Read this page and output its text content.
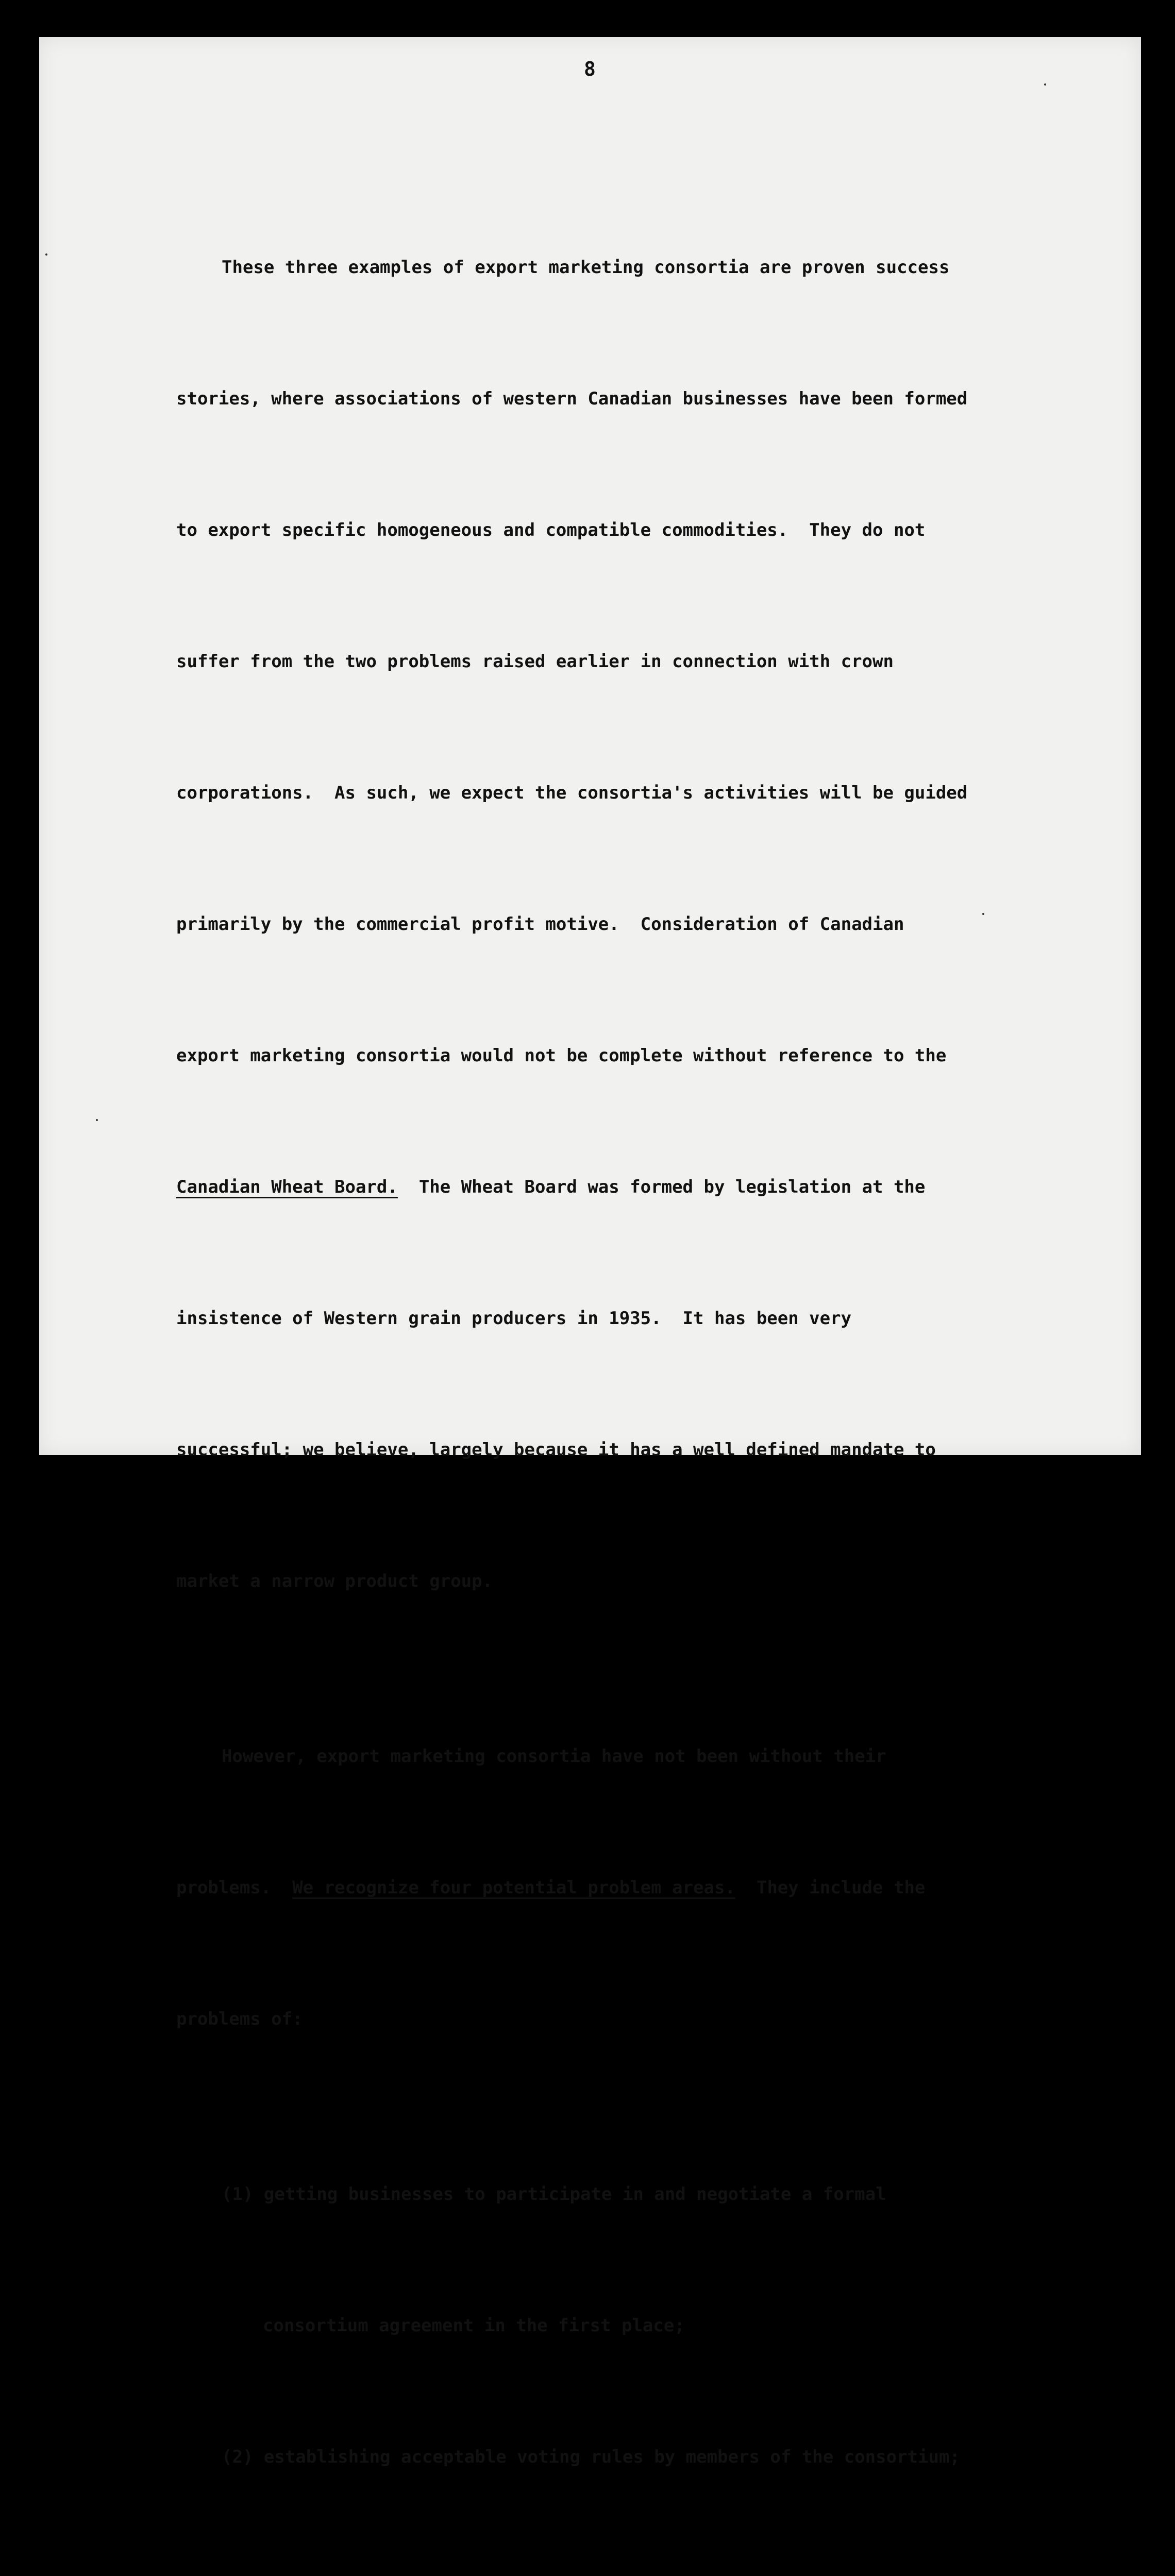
8

These three examples of export marketing consortia are proven success

stories, where associations of western Canadian businesses have been formed

to export specific homogeneous and compatible commodities.  They do not

suffer from the two problems raised earlier in connection with crown

corporations.  As such, we expect the consortia's activities will be guided

primarily by the commercial profit motive.  Consideration of Canadian

export marketing consortia would not be complete without reference to the

Canadian Wheat Board.  The Wheat Board was formed by legislation at the

insistence of Western grain producers in 1935.  It has been very

successful; we believe, largely because it has a well defined mandate to

market a narrow product group.

However, export marketing consortia have not been without their

problems.  We recognize four potential problem areas.  They include the

problems of:

(1) getting businesses to participate in and negotiate a formal

consortium agreement in the first place;

(2) establishing acceptable voting rules by members of the consortium;
